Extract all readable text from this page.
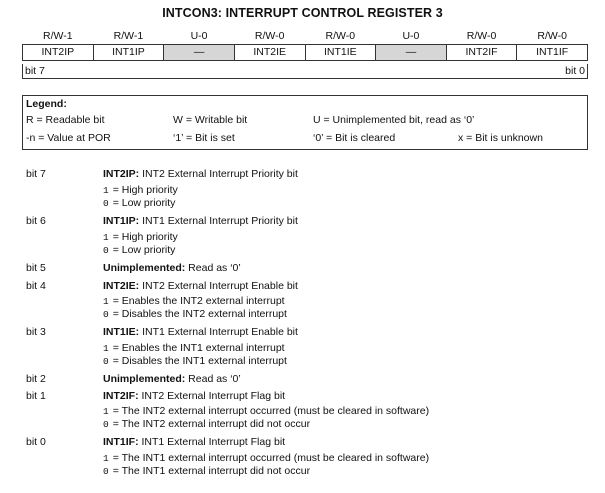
INTCON3: INTERRUPT CONTROL REGISTER 3
R/W-1	R/W-1	U-0	R/W-0	R/W-0	U-0	R/W-0	R/W-0
INT2IP	INT1IP	—	INT2IE	INT1IE	—	INT2IF	INT1IF
bit 7	bit 0
Legend:
R = Readable bit	W = Writable bit	U = Unimplemented bit, read as ‘0’
-n = Value at POR	‘1’ = Bit is set	‘0’ = Bit is cleared	x = Bit is unknown
bit 7	INT2IP: INT2 External Interrupt Priority bit
1 = High priority
0 = Low priority
bit 6	INT1IP: INT1 External Interrupt Priority bit
1 = High priority
0 = Low priority
bit 5	Unimplemented: Read as ‘0’
bit 4	INT2IE: INT2 External Interrupt Enable bit
1 = Enables the INT2 external interrupt
0 = Disables the INT2 external interrupt
bit 3	INT1IE: INT1 External Interrupt Enable bit
1 = Enables the INT1 external interrupt
0 = Disables the INT1 external interrupt
bit 2	Unimplemented: Read as ‘0’
bit 1	INT2IF: INT2 External Interrupt Flag bit
1 = The INT2 external interrupt occurred (must be cleared in software)
0 = The INT2 external interrupt did not occur
bit 0	INT1IF: INT1 External Interrupt Flag bit
1 = The INT1 external interrupt occurred (must be cleared in software)
0 = The INT1 external interrupt did not occur
